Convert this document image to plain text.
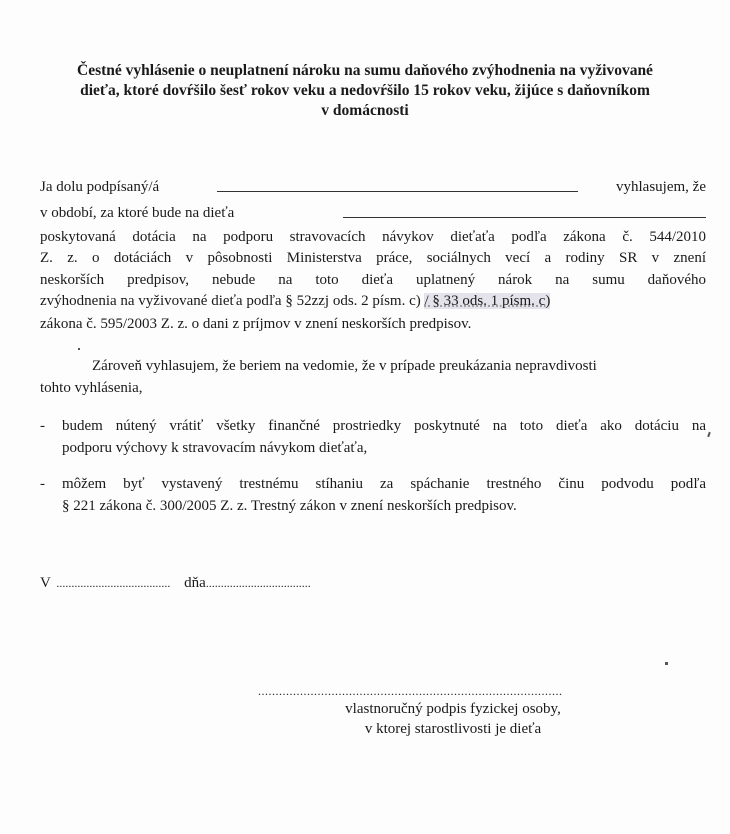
Čestné vyhlásenie o neuplatnení nároku na sumu daňového zvýhodnenia na vyživované
dieťa, ktoré dovŕšilo šesť rokov veku a nedovŕšilo 15 rokov veku, žijúce s daňovníkom
v domácnosti
Ja dolu podpísaný/á	vyhlasujem, že
v období, za ktoré bude na dieťa
poskytovaná dotácia na podporu stravovacích návykov dieťaťa podľa zákona č. 544/2010
Z. z. o dotáciách v pôsobnosti Ministerstva práce, sociálnych vecí a rodiny SR v znení
neskorších predpisov, nebude na toto dieťa uplatnený nárok na sumu daňového
zvýhodnenia na vyživované dieťa podľa § 52zzj ods. 2 písm. c) / § 33 ods. 1 písm. c)
zákona č. 595/2003 Z. z. o dani z príjmov v znení neskorších predpisov.
Zároveň vyhlasujem, že beriem na vedomie, že v prípade preukázania nepravdivosti
tohto vyhlásenia,
- budem nútený vrátiť všetky finančné prostriedky poskytnuté na toto dieťa ako dotáciu na
podporu výchovy k stravovacím návykom dieťaťa,
- môžem byť vystavený trestnému stíhaniu za spáchanie trestného činu podvodu podľa
§ 221 zákona č. 300/2005 Z. z. Trestný zákon v znení neskorších predpisov.
V ...................................... dňa...................................
.......................................................................................
vlastnoručný podpis fyzickej osoby,
v ktorej starostlivosti je dieťa
